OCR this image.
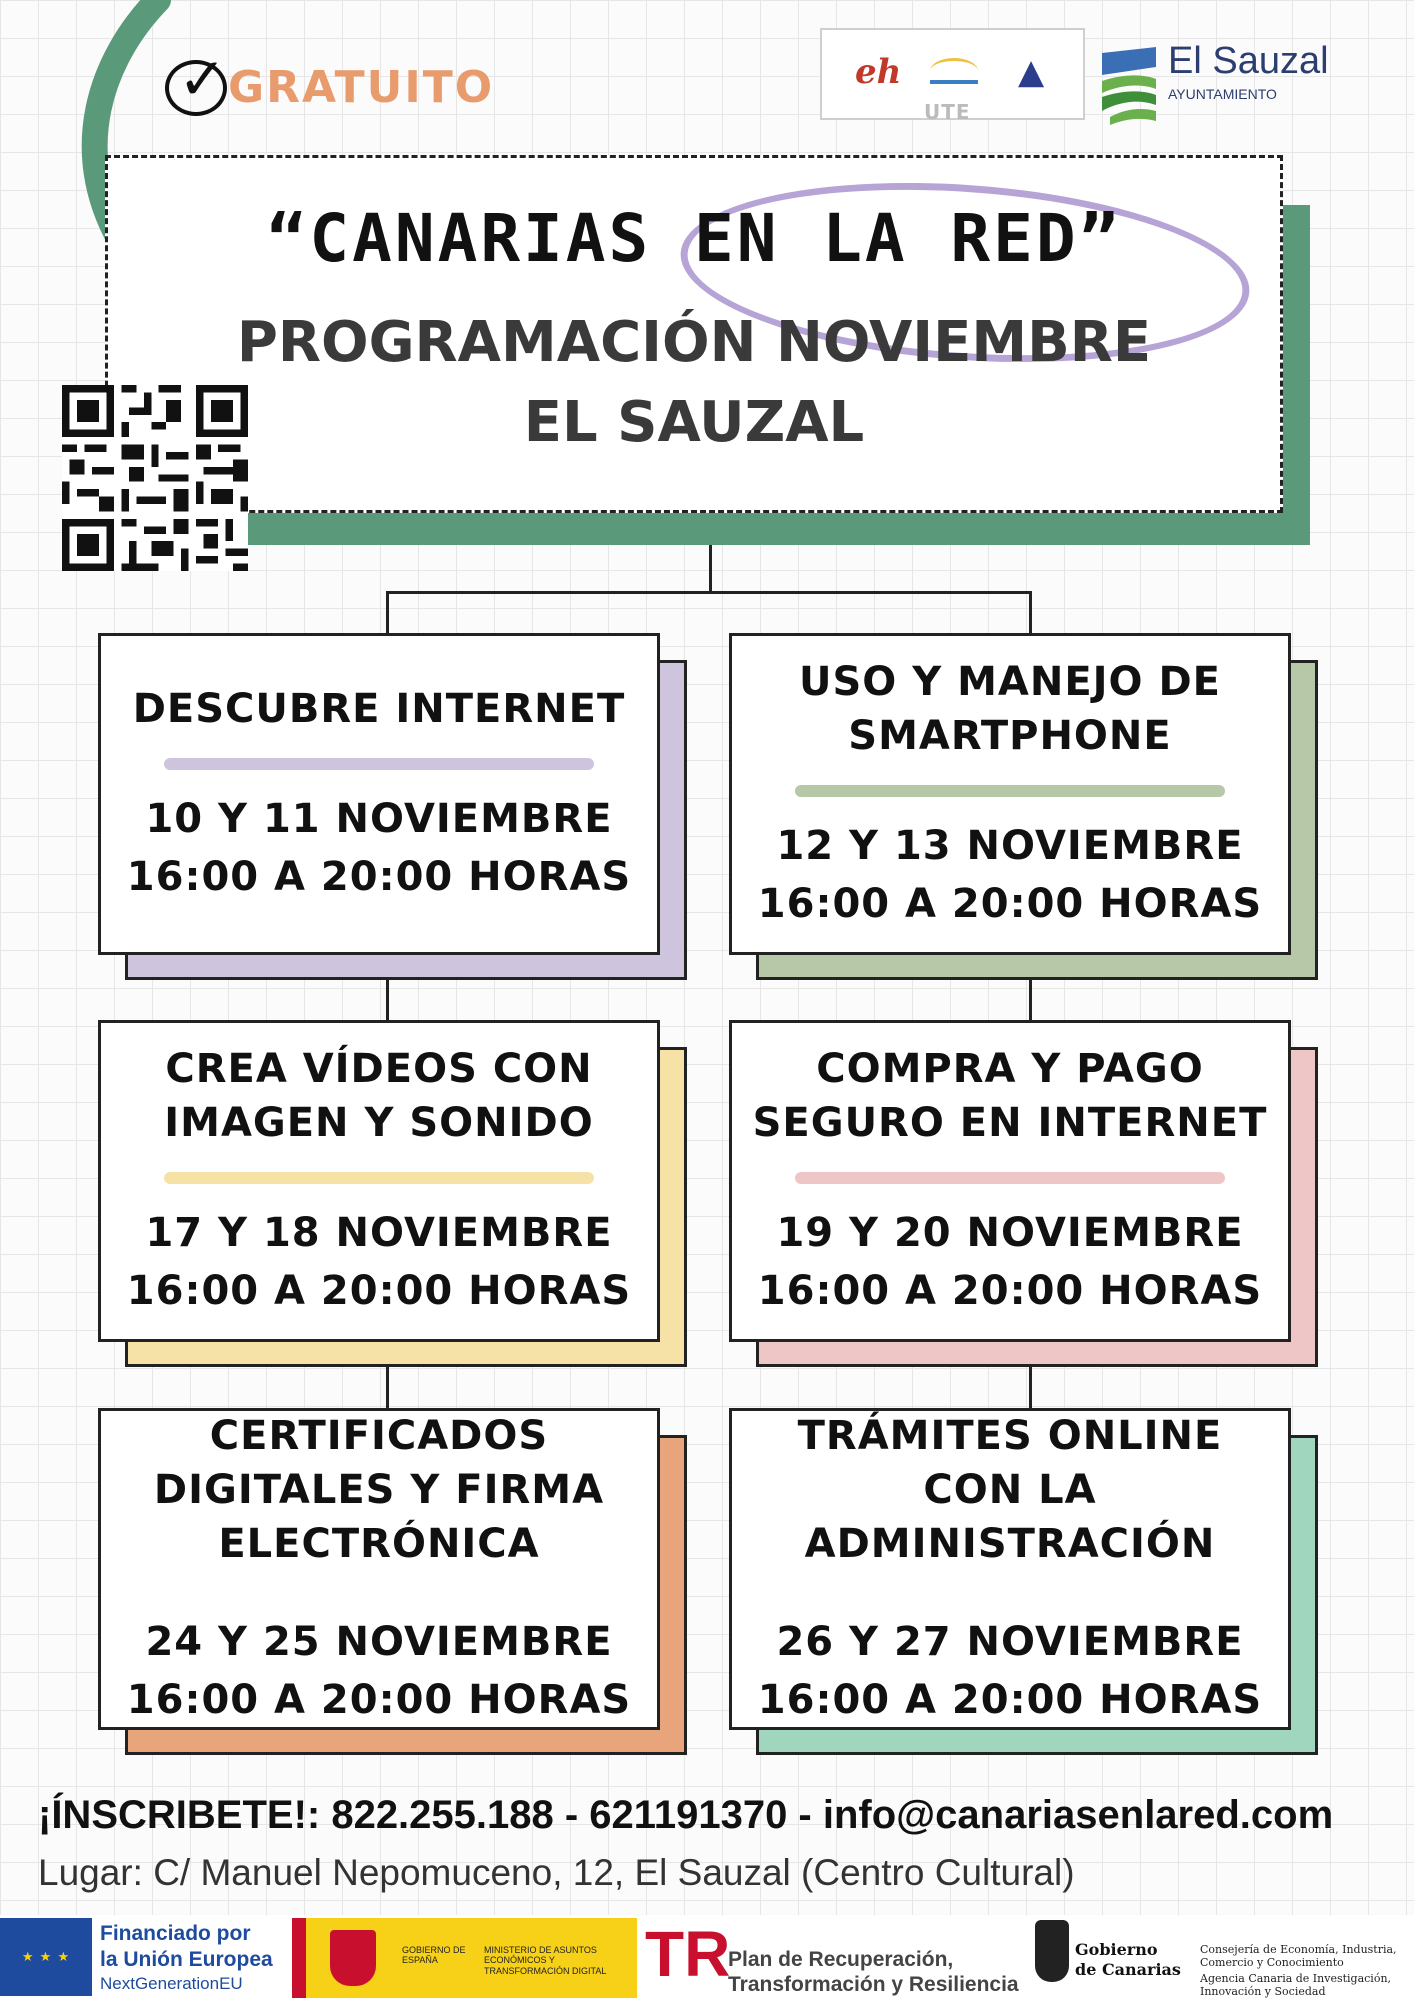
✓ GRATUITO	eh	▲
UTE
El Sauzal
AYUNTAMIENTO
“CANARIAS EN LA RED”
PROGRAMACIÓN NOVIEMBRE
EL SAUZAL
DESCUBRE INTERNET
10 Y 11 NOVIEMBRE
16:00 A 20:00 HORAS
USO Y MANEJO DE SMARTPHONE
12 Y 13 NOVIEMBRE
16:00 A 20:00 HORAS
CREA VÍDEOS CON IMAGEN Y SONIDO
17 Y 18 NOVIEMBRE
16:00 A 20:00 HORAS
COMPRA Y PAGO SEGURO EN INTERNET
19 Y 20 NOVIEMBRE
16:00 A 20:00 HORAS
CERTIFICADOS DIGITALES Y FIRMA ELECTRÓNICA
24 Y 25 NOVIEMBRE
16:00 A 20:00 HORAS
TRÁMITES ONLINE CON LA ADMINISTRACIÓN
26 Y 27 NOVIEMBRE
16:00 A 20:00 HORAS
¡ÍNSCRIBETE!: 822.255.188 - 621191370 - info@canariasenlared.com
Lugar: C/ Manuel Nepomuceno, 12, El Sauzal (Centro Cultural)
★ ★ ★
Financiado por
la Unión Europea
NextGenerationEU
GOBIERNO DE ESPAÑA
MINISTERIO DE ASUNTOS ECONÓMICOS Y TRANSFORMACIÓN DIGITAL TR
Plan de Recuperación,
Transformación y Resiliencia
Gobierno
de Canarias
Consejería de Economía, Industria, Comercio y Conocimiento
Agencia Canaria de Investigación, Innovación y Sociedad
